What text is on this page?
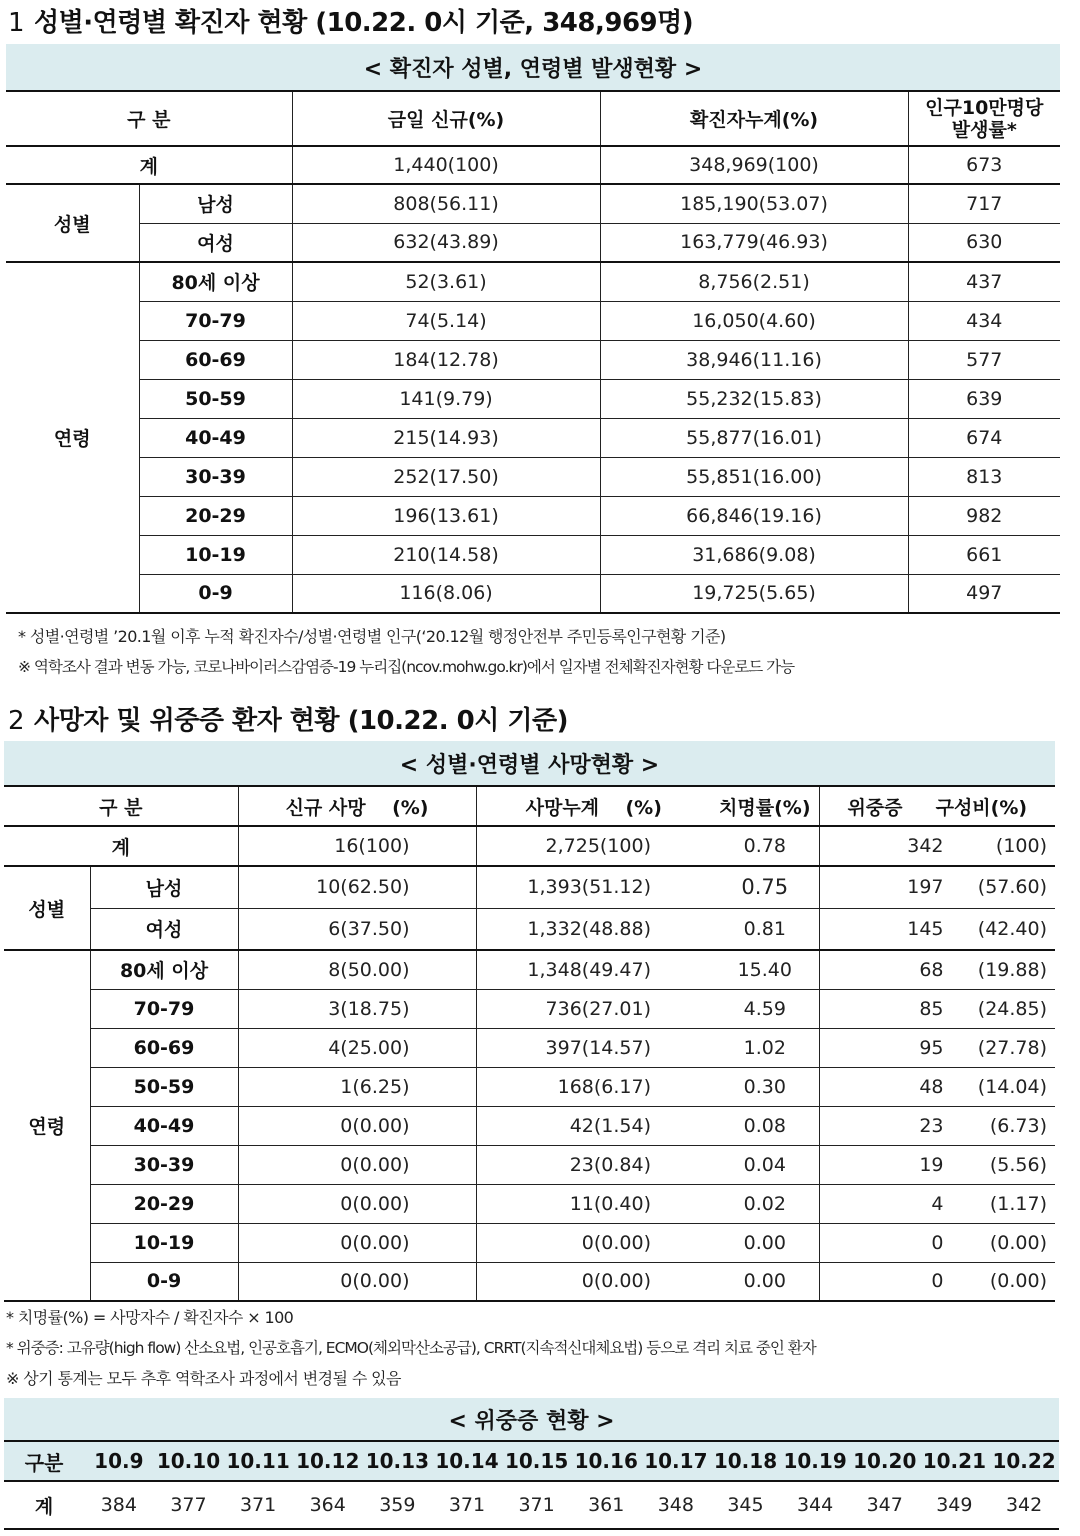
1 성별·연령별 확진자 현황 (10.22. 0시 기준, 348,969명)
< 확진자 성별, 연령별 발생현황 >
구 분		금일 신규(%)	확진자누계(%)	인구10만명당
발생률*

계		1,440(100)	348,969(100)	673
성별	남성	808(56.11)	185,190(53.07)	717
	여성	632(43.89)	163,779(46.93)	630
연령	80세 이상	52(3.61)	8,756(2.51)	437
	70-79	74(5.14)	16,050(4.60)	434
	60-69	184(12.78)	38,946(11.16)	577
	50-59	141(9.79)	55,232(15.83)	639
	40-49	215(14.93)	55,877(16.01)	674
	30-39	252(17.50)	55,851(16.00)	813
	20-29	196(13.61)	66,846(19.16)	982
	10-19	210(14.58)	31,686(9.08)	661
	0-9	116(8.06)	19,725(5.65)	497
* 성별·연령별 ’20.1월 이후 누적 확진자수/성별·연령별 인구(‘20.12월 행정안전부 주민등록인구현황 기준)
※ 역학조사 결과 변동 가능, 코로나바이러스감염증-19 누리집(ncov.mohw.go.kr)에서 일자별 전체확진자현황 다운로드 가능
2 사망자 및 위중증 환자 현황 (10.22. 0시 기준)
< 성별·연령별 사망현황 >
구 분		신규 사망 (%)	사망누계 (%)	치명률(%)	위중증 구성비(%)
계		16(100)	2,725(100)	0.78	342 (100)

성별	남성	10(62.50)	1,393(51.12)	0.75	197 (57.60)

	여성	6(37.50)	1,332(48.88)	0.81	145 (42.40)

연령	80세 이상	8(50.00)	1,348(49.47)	15.40	68 (19.88)

	70-79	3(18.75)	736(27.01)	4.59	85 (24.85)

	60-69	4(25.00)	397(14.57)	1.02	95 (27.78)

	50-59	1(6.25)	168(6.17)	0.30	48 (14.04)

	40-49	0(0.00)	42(1.54)	0.08	23 (6.73)

	30-39	0(0.00)	23(0.84)	0.04	19 (5.56)

	20-29	0(0.00)	11(0.40)	0.02	4 (1.17)

	10-19	0(0.00)	0(0.00)	0.00	0 (0.00)

	0-9	0(0.00)	0(0.00)	0.00	0 (0.00)
* 치명률(%) = 사망자수 / 확진자수 × 100
* 위중증: 고유량(high flow) 산소요법, 인공호흡기, ECMO(체외막산소공급), CRRT(지속적신대체요법) 등으로 격리 치료 중인 환자
※ 상기 통계는 모두 추후 역학조사 과정에서 변경될 수 있음
< 위중증 현황 >
구분	10.9	10.10	10.11	10.12	10.13	10.14	10.15	10.16	10.17	10.18	10.19	10.20	10.21	10.22
계	384	377	371	364	359	371	371	361	348	345	344	347	349	342
